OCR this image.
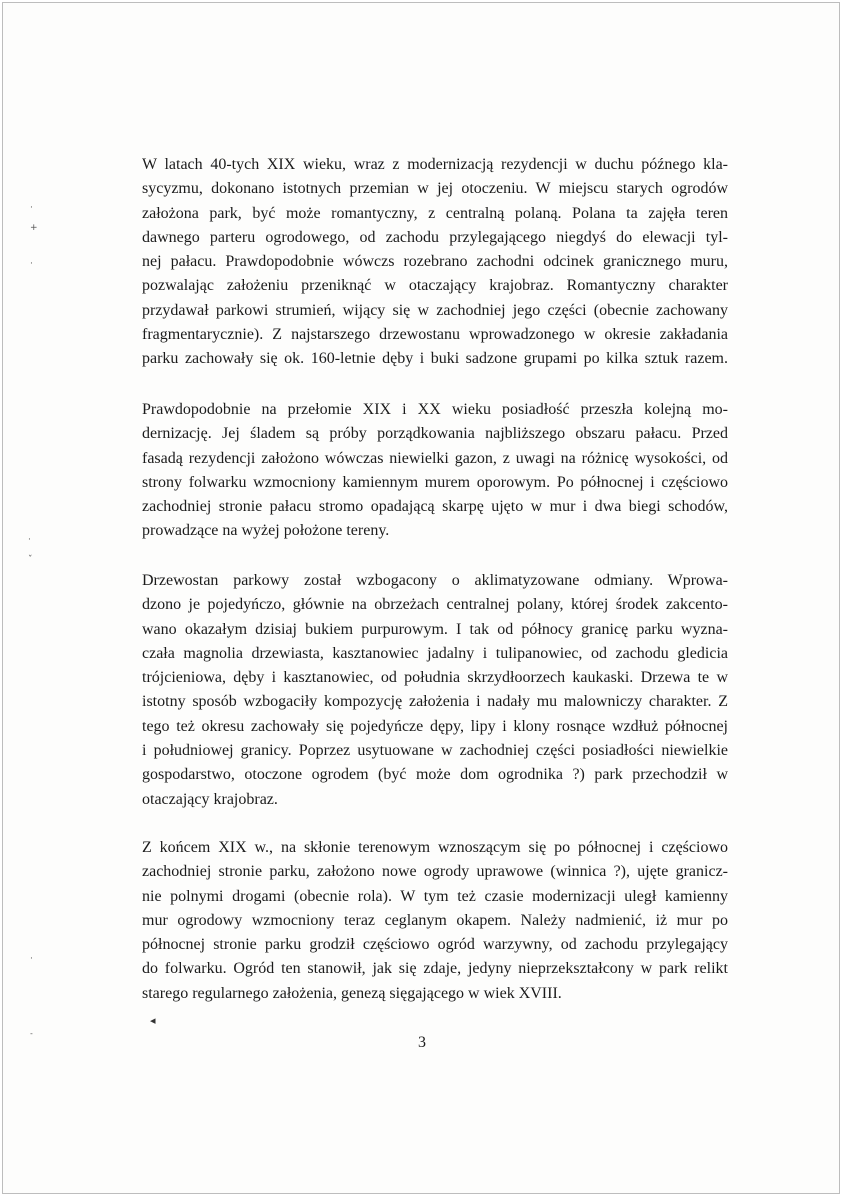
W latach 40-tych XIX wieku, wraz z modernizacją rezydencji w duchu późnego kla-
sycyzmu, dokonano istotnych przemian w jej otoczeniu. W miejscu starych ogrodów
założona park, być może romantyczny, z centralną polaną. Polana ta zajęła teren
dawnego parteru ogrodowego, od zachodu przylegającego niegdyś do elewacji tyl-
nej pałacu. Prawdopodobnie wówczs rozebrano zachodni odcinek granicznego muru,
pozwalając założeniu przeniknąć w otaczający krajobraz. Romantyczny charakter
przydawał parkowi strumień, wijący się w zachodniej jego części (obecnie zachowany
fragmentarycznie). Z najstarszego drzewostanu wprowadzonego w okresie zakładania
parku zachowały się ok. 160-letnie dęby i buki sadzone grupami po kilka sztuk razem.
Prawdopodobnie na przełomie XIX i XX wieku posiadłość przeszła kolejną mo-
dernizację. Jej śladem są próby porządkowania najbliższego obszaru pałacu. Przed
fasadą rezydencji założono wówczas niewielki gazon, z uwagi na różnicę wysokości, od
strony folwarku wzmocniony kamiennym murem oporowym. Po północnej i częściowo
zachodniej stronie pałacu stromo opadającą skarpę ujęto w mur i dwa biegi schodów,
prowadzące na wyżej położone tereny.
Drzewostan parkowy został wzbogacony o aklimatyzowane odmiany. Wprowa-
dzono je pojedyńczo, głównie na obrzeżach centralnej polany, której środek zakcento-
wano okazałym dzisiaj bukiem purpurowym. I tak od północy granicę parku wyzna-
czała magnolia drzewiasta, kasztanowiec jadalny i tulipanowiec, od zachodu gledicia
trójcieniowa, dęby i kasztanowiec, od południa skrzydłoorzech kaukaski. Drzewa te w
istotny sposób wzbogaciły kompozycję założenia i nadały mu malowniczy charakter. Z
tego też okresu zachowały się pojedyńcze dępy, lipy i klony rosnące wzdłuż północnej
i południowej granicy. Poprzez usytuowane w zachodniej części posiadłości niewielkie
gospodarstwo, otoczone ogrodem (być może dom ogrodnika ?) park przechodził w
otaczający krajobraz.
Z końcem XIX w., na skłonie terenowym wznoszącym się po północnej i częściowo
zachodniej stronie parku, założono nowe ogrody uprawowe (winnica ?), ujęte granicz-
nie polnymi drogami (obecnie rola). W tym też czasie modernizacji uległ kamienny
mur ogrodowy wzmocniony teraz ceglanym okapem. Należy nadmienić, iż mur po
północnej stronie parku grodził częściowo ogród warzywny, od zachodu przylegający
do folwarku. Ogród ten stanowił, jak się zdaje, jedyny nieprzekształcony w park relikt
starego regularnego założenia, genezą sięgającego w wiek XVIII.
3
·
+
·
·
ˇ
·
˗
◂
